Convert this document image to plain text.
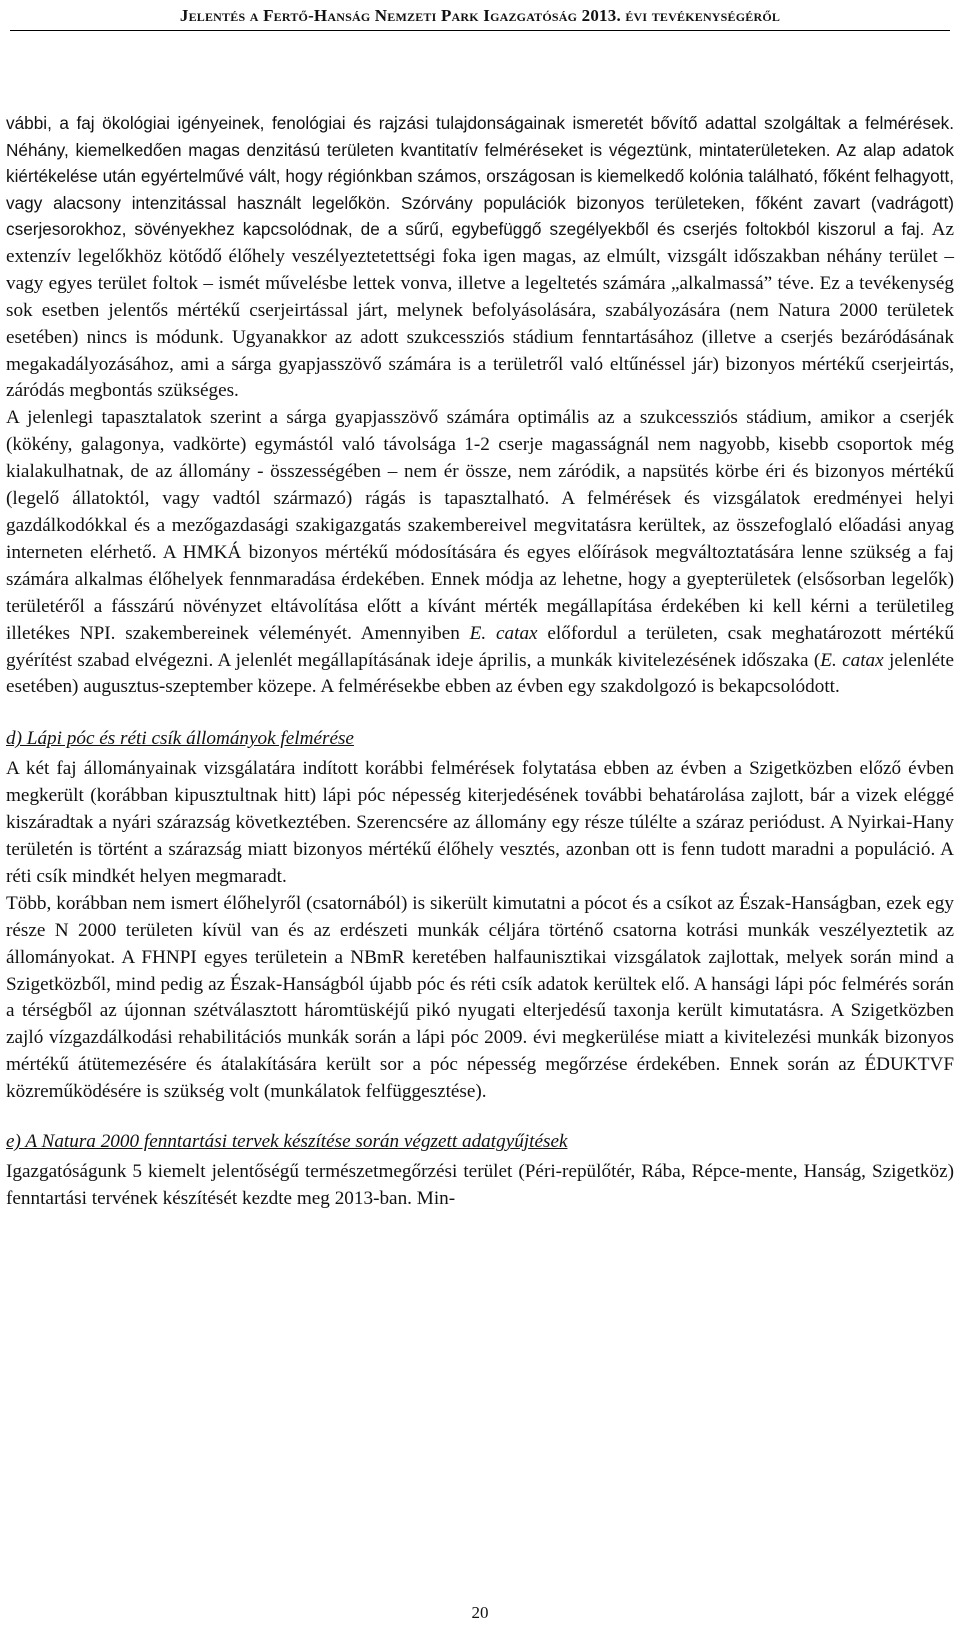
Jelentés a Fertő-Hanság Nemzeti Park Igazgatóság 2013. évi tevékenységéről

vábbi, a faj ökológiai igényeinek, fenológiai és rajzási tulajdonságainak ismeretét bővítő adattal szolgáltak a felmérések. Néhány, kiemelkedően magas denzitású területen kvantitatív felméréseket is végeztünk, mintaterületeken. Az alap adatok kiértékelése után egyértelművé vált, hogy régiónkban számos, országosan is kiemelkedő kolónia található, főként felhagyott, vagy alacsony intenzitással használt legelőkön. Szórvány populációk bizonyos területeken, főként zavart (vadrágott) cserjesorokhoz, sövényekhez kapcsolódnak, de a sűrű, egybefüggő szegélyekből és cserjés foltokból kiszorul a faj. Az extenzív legelőkhöz kötődő élőhely veszélyeztetettségi foka igen magas, az elmúlt, vizsgált időszakban néhány terület – vagy egyes terület foltok – ismét művelésbe lettek vonva, illetve a legeltetés számára „alkalmassá” téve. Ez a tevékenység sok esetben jelentős mértékű cserjeirtással járt, melynek befolyásolására, szabályozására (nem Natura 2000 területek esetében) nincs is módunk. Ugyanakkor az adott szukcessziós stádium fenntartásához (illetve a cserjés bezáródásának megakadályozásához, ami a sárga gyapjasszövő számára is a területről való eltűnéssel jár) bizonyos mértékű cserjeirtás, záródás megbontás szükséges.

A jelenlegi tapasztalatok szerint a sárga gyapjasszövő számára optimális az a szukcessziós stádium, amikor a cserjék (kökény, galagonya, vadkörte) egymástól való távolsága 1-2 cserje magasságnál nem nagyobb, kisebb csoportok még kialakulhatnak, de az állomány - összességében – nem ér össze, nem záródik, a napsütés körbe éri és bizonyos mértékű (legelő állatoktól, vagy vadtól származó) rágás is tapasztalható. A felmérések és vizsgálatok eredményei helyi gazdálkodókkal és a mezőgazdasági szakigazgatás szakembereivel megvitatásra kerültek, az összefoglaló előadási anyag interneten elérhető. A HMKÁ bizonyos mértékű módosítására és egyes előírások megváltoztatására lenne szükség a faj számára alkalmas élőhelyek fennmaradása érdekében. Ennek módja az lehetne, hogy a gyepterületek (elsősorban legelők) területéről a fásszárú növényzet eltávolítása előtt a kívánt mérték megállapítása érdekében ki kell kérni a területileg illetékes NPI. szakembereinek véleményét. Amennyiben E. catax előfordul a területen, csak meghatározott mértékű gyérítést szabad elvégezni. A jelenlét megállapításának ideje április, a munkák kivitelezésének időszaka (E. catax jelenléte esetében) augusztus-szeptember közepe. A felmérésekbe ebben az évben egy szakdolgozó is bekapcsolódott.

d) Lápi póc és réti csík állományok felmérése

A két faj állományainak vizsgálatára indított korábbi felmérések folytatása ebben az évben a Szigetközben előző évben megkerült (korábban kipusztultnak hitt) lápi póc népesség kiterjedésének további behatárolása zajlott, bár a vizek eléggé kiszáradtak a nyári szárazság következtében. Szerencsére az állomány egy része túlélte a száraz periódust. A Nyirkai-Hany területén is történt a szárazság miatt bizonyos mértékű élőhely vesztés, azonban ott is fenn tudott maradni a populáció. A réti csík mindkét helyen megmaradt.

Több, korábban nem ismert élőhelyről (csatornából) is sikerült kimutatni a pócot és a csíkot az Észak-Hanságban, ezek egy része N 2000 területen kívül van és az erdészeti munkák céljára történő csatorna kotrási munkák veszélyeztetik az állományokat. A FHNPI egyes területein a NBmR keretében halfaunisztikai vizsgálatok zajlottak, melyek során mind a Szigetközből, mind pedig az Észak-Hanságból újabb póc és réti csík adatok kerültek elő. A hansági lápi póc felmérés során a térségből az újonnan szétválasztott háromtüskéjű pikó nyugati elterjedésű taxonja került kimutatásra. A Szigetközben zajló vízgazdálkodási rehabilitációs munkák során a lápi póc 2009. évi megkerülése miatt a kivitelezési munkák bizonyos mértékű átütemezésére és átalakítására került sor a póc népesség megőrzése érdekében. Ennek során az ÉDUKTVF közreműködésére is szükség volt (munkálatok felfüggesztése).

e) A Natura 2000 fenntartási tervek készítése során végzett adatgyűjtések

Igazgatóságunk 5 kiemelt jelentőségű természetmegőrzési terület (Péri-repülőtér, Rába, Répce-mente, Hanság, Szigetköz) fenntartási tervének készítését kezdte meg 2013-ban. Min-

20
